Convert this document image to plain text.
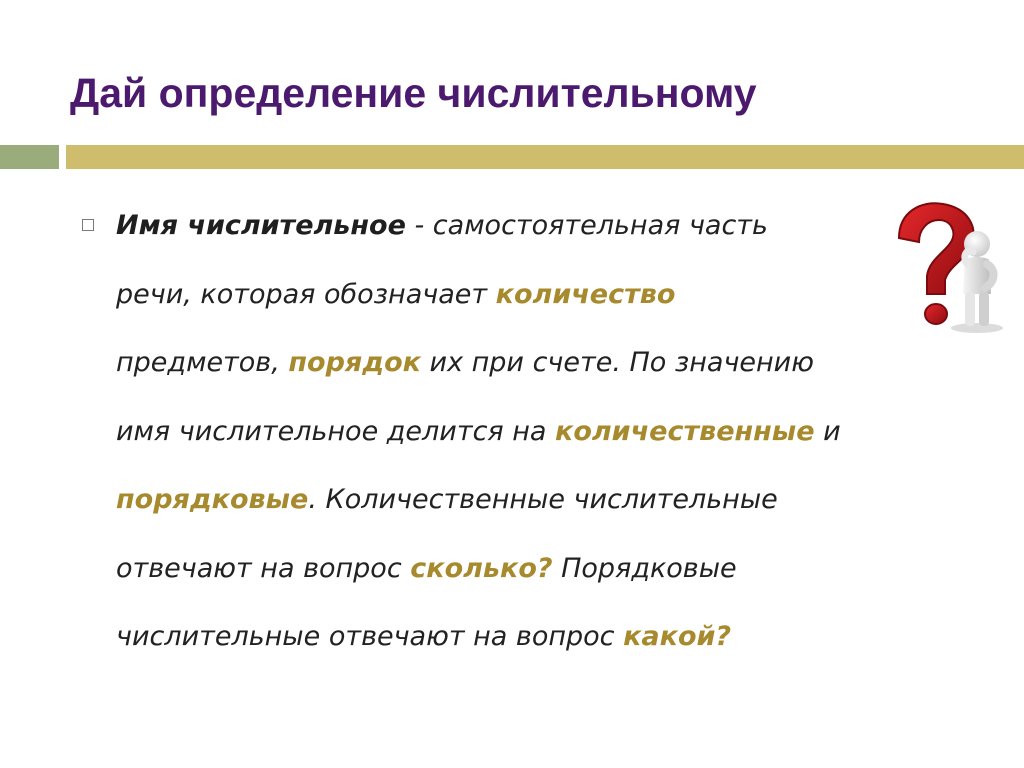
Дай определение числительному
Имя числительное - самостоятельная часть
речи, которая обозначает количество
предметов, порядок их при счете. По значению
имя числительное делится на количественные и
порядковые. Количественные числительные
отвечают на вопрос сколько? Порядковые
числительные отвечают на вопрос какой?
